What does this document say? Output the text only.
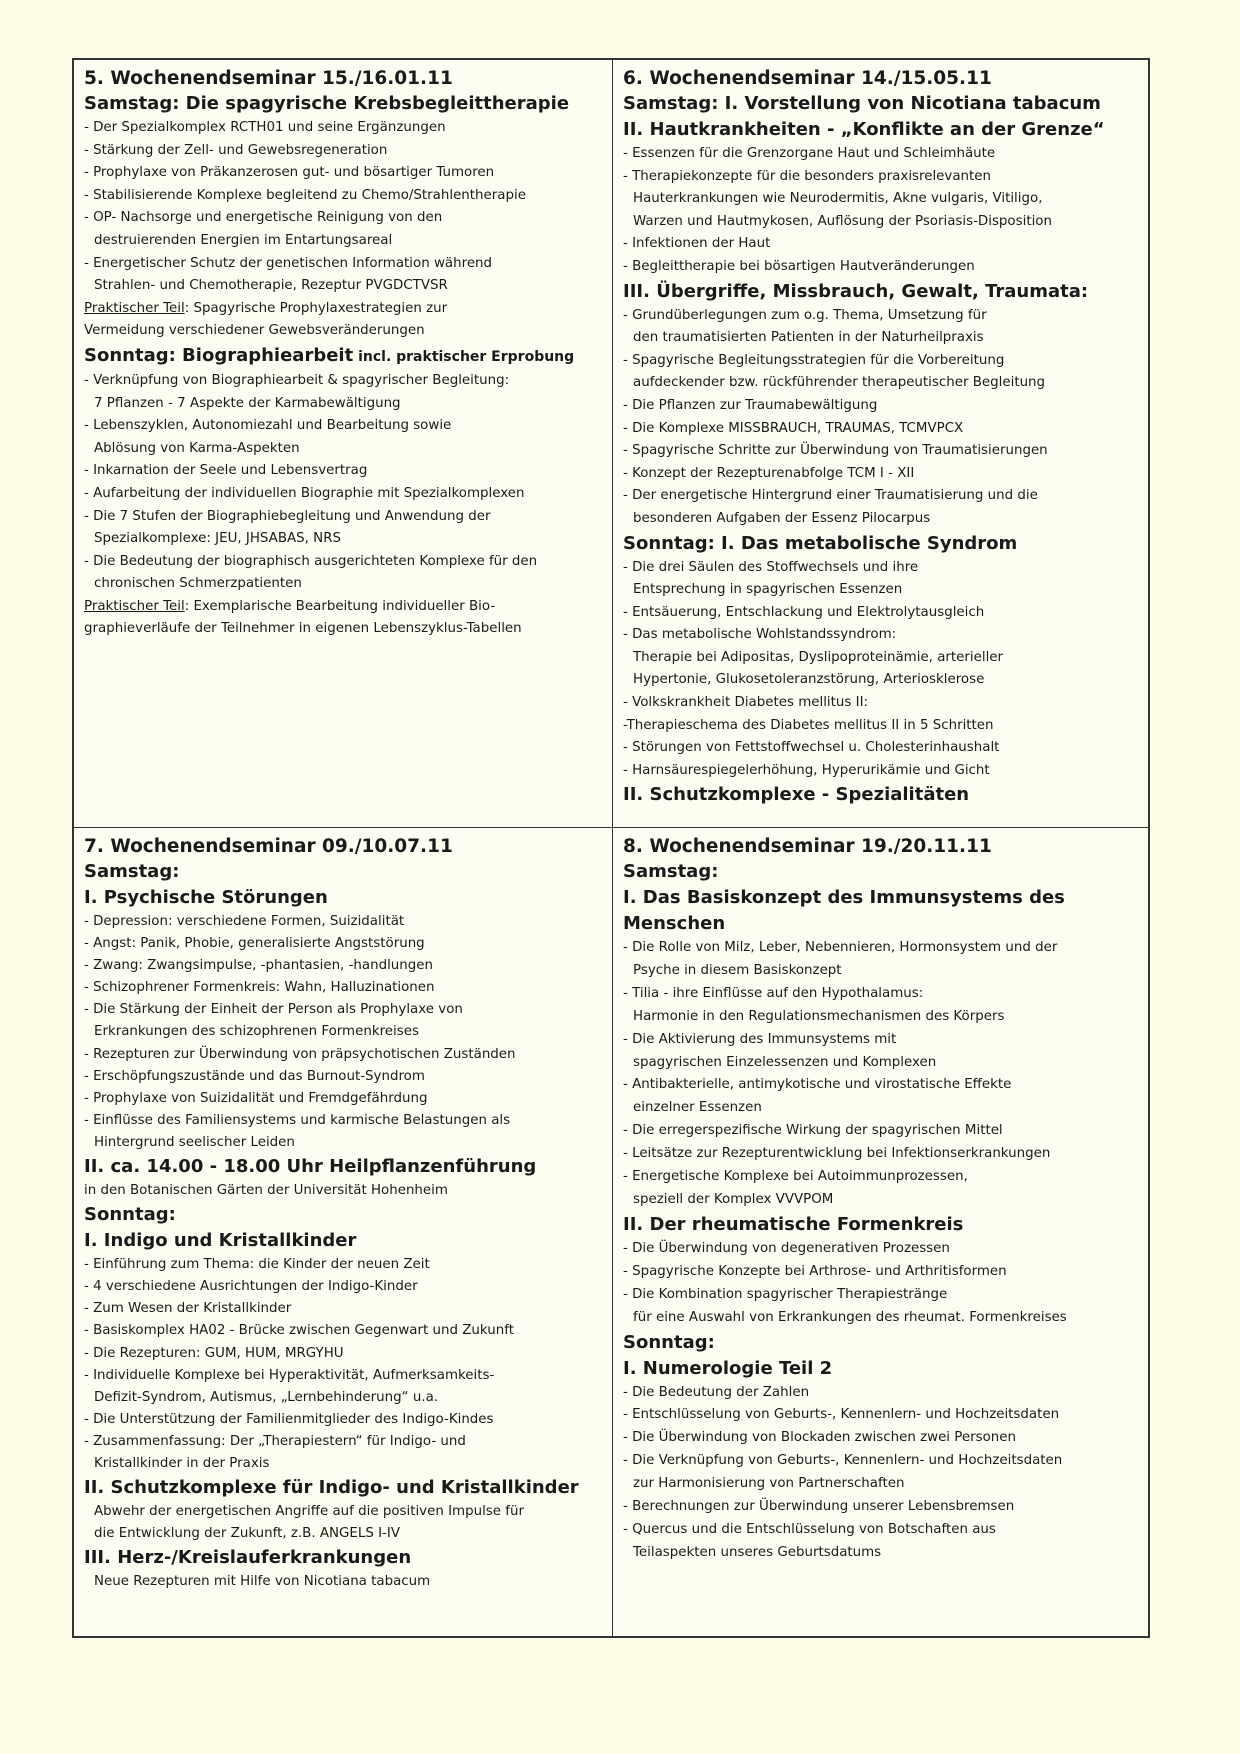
5. Wochenendseminar 15./16.01.11
Samstag: Die spagyrische Krebsbegleittherapie
- Der Spezialkomplex RCTH01 und seine Ergänzungen
- Stärkung der Zell- und Gewebsregeneration
- Prophylaxe von Präkanzerosen gut- und bösartiger Tumoren
- Stabilisierende Komplexe begleitend zu Chemo/Strahlentherapie
- OP- Nachsorge und energetische Reinigung von den
destruierenden Energien im Entartungsareal
- Energetischer Schutz der genetischen Information während
Strahlen- und Chemotherapie, Rezeptur PVGDCTVSR
Praktischer Teil: Spagyrische Prophylaxestrategien zur
Vermeidung verschiedener Gewebsveränderungen
Sonntag: Biographiearbeit incl. praktischer Erprobung
- Verknüpfung von Biographiearbeit & spagyrischer Begleitung:
7 Pflanzen - 7 Aspekte der Karmabewältigung
- Lebenszyklen, Autonomiezahl und Bearbeitung sowie
Ablösung von Karma-Aspekten
- Inkarnation der Seele und Lebensvertrag
- Aufarbeitung der individuellen Biographie mit Spezialkomplexen
- Die 7 Stufen der Biographiebegleitung und Anwendung der
Spezialkomplexe: JEU, JHSABAS, NRS
- Die Bedeutung der biographisch ausgerichteten Komplexe für den
chronischen Schmerzpatienten
Praktischer Teil: Exemplarische Bearbeitung individueller Bio-
graphieverläufe der Teilnehmer in eigenen Lebenszyklus-Tabellen
6. Wochenendseminar 14./15.05.11
Samstag: I. Vorstellung von Nicotiana tabacum
II. Hautkrankheiten - „Konflikte an der Grenze“
- Essenzen für die Grenzorgane Haut und Schleimhäute
- Therapiekonzepte für die besonders praxisrelevanten
Hauterkrankungen wie Neurodermitis, Akne vulgaris, Vitiligo,
Warzen und Hautmykosen, Auflösung der Psoriasis-Disposition
- Infektionen der Haut
- Begleittherapie bei bösartigen Hautveränderungen
III. Übergriffe, Missbrauch, Gewalt, Traumata:
- Grundüberlegungen zum o.g. Thema, Umsetzung für
den traumatisierten Patienten in der Naturheilpraxis
- Spagyrische Begleitungsstrategien für die Vorbereitung
aufdeckender bzw. rückführender therapeutischer Begleitung
- Die Pflanzen zur Traumabewältigung
- Die Komplexe MISSBRAUCH, TRAUMAS, TCMVPCX
- Spagyrische Schritte zur Überwindung von Traumatisierungen
- Konzept der Rezepturenabfolge TCM I - XII
- Der energetische Hintergrund einer Traumatisierung und die
besonderen Aufgaben der Essenz Pilocarpus
Sonntag: I. Das metabolische Syndrom
- Die drei Säulen des Stoffwechsels und ihre
Entsprechung in spagyrischen Essenzen
- Entsäuerung, Entschlackung und Elektrolytausgleich
- Das metabolische Wohlstandssyndrom:
Therapie bei Adipositas, Dyslipoproteinämie, arterieller
Hypertonie, Glukosetoleranzstörung, Arteriosklerose
- Volkskrankheit Diabetes mellitus II:
-Therapieschema des Diabetes mellitus II in 5 Schritten
- Störungen von Fettstoffwechsel u. Cholesterinhaushalt
- Harnsäurespiegelerhöhung, Hyperurikämie und Gicht
II. Schutzkomplexe - Spezialitäten
7. Wochenendseminar 09./10.07.11
Samstag:
I. Psychische Störungen
- Depression: verschiedene Formen, Suizidalität
- Angst: Panik, Phobie, generalisierte Angststörung
- Zwang: Zwangsimpulse, -phantasien, -handlungen
- Schizophrener Formenkreis: Wahn, Halluzinationen
- Die Stärkung der Einheit der Person als Prophylaxe von
Erkrankungen des schizophrenen Formenkreises
- Rezepturen zur Überwindung von präpsychotischen Zuständen
- Erschöpfungszustände und das Burnout-Syndrom
- Prophylaxe von Suizidalität und Fremdgefährdung
- Einflüsse des Familiensystems und karmische Belastungen als
Hintergrund seelischer Leiden
II. ca. 14.00 - 18.00 Uhr Heilpflanzenführung
in den Botanischen Gärten der Universität Hohenheim
Sonntag:
I. Indigo und Kristallkinder
- Einführung zum Thema: die Kinder der neuen Zeit
- 4 verschiedene Ausrichtungen der Indigo-Kinder
- Zum Wesen der Kristallkinder
- Basiskomplex HA02 - Brücke zwischen Gegenwart und Zukunft
- Die Rezepturen: GUM, HUM, MRGYHU
- Individuelle Komplexe bei Hyperaktivität, Aufmerksamkeits-
Defizit-Syndrom, Autismus, „Lernbehinderung“ u.a.
- Die Unterstützung der Familienmitglieder des Indigo-Kindes
- Zusammenfassung: Der „Therapiestern“ für Indigo- und
Kristallkinder in der Praxis
II. Schutzkomplexe für Indigo- und Kristallkinder
Abwehr der energetischen Angriffe auf die positiven Impulse für
die Entwicklung der Zukunft, z.B. ANGELS I-IV
III. Herz-/Kreislauferkrankungen
Neue Rezepturen mit Hilfe von Nicotiana tabacum
8. Wochenendseminar 19./20.11.11
Samstag:
I. Das Basiskonzept des Immunsystems des
Menschen
- Die Rolle von Milz, Leber, Nebennieren, Hormonsystem und der
Psyche in diesem Basiskonzept
- Tilia - ihre Einflüsse auf den Hypothalamus:
Harmonie in den Regulationsmechanismen des Körpers
- Die Aktivierung des Immunsystems mit
spagyrischen Einzelessenzen und Komplexen
- Antibakterielle, antimykotische und virostatische Effekte
einzelner Essenzen
- Die erregerspezifische Wirkung der spagyrischen Mittel
- Leitsätze zur Rezepturentwicklung bei Infektionserkrankungen
- Energetische Komplexe bei Autoimmunprozessen,
speziell der Komplex VVVPOM
II. Der rheumatische Formenkreis
- Die Überwindung von degenerativen Prozessen
- Spagyrische Konzepte bei Arthrose- und Arthritisformen
- Die Kombination spagyrischer Therapiestränge
für eine Auswahl von Erkrankungen des rheumat. Formenkreises
Sonntag:
I. Numerologie Teil 2
- Die Bedeutung der Zahlen
- Entschlüsselung von Geburts-, Kennenlern- und Hochzeitsdaten
- Die Überwindung von Blockaden zwischen zwei Personen
- Die Verknüpfung von Geburts-, Kennenlern- und Hochzeitsdaten
zur Harmonisierung von Partnerschaften
- Berechnungen zur Überwindung unserer Lebensbremsen
- Quercus und die Entschlüsselung von Botschaften aus
Teilaspekten unseres Geburtsdatums
